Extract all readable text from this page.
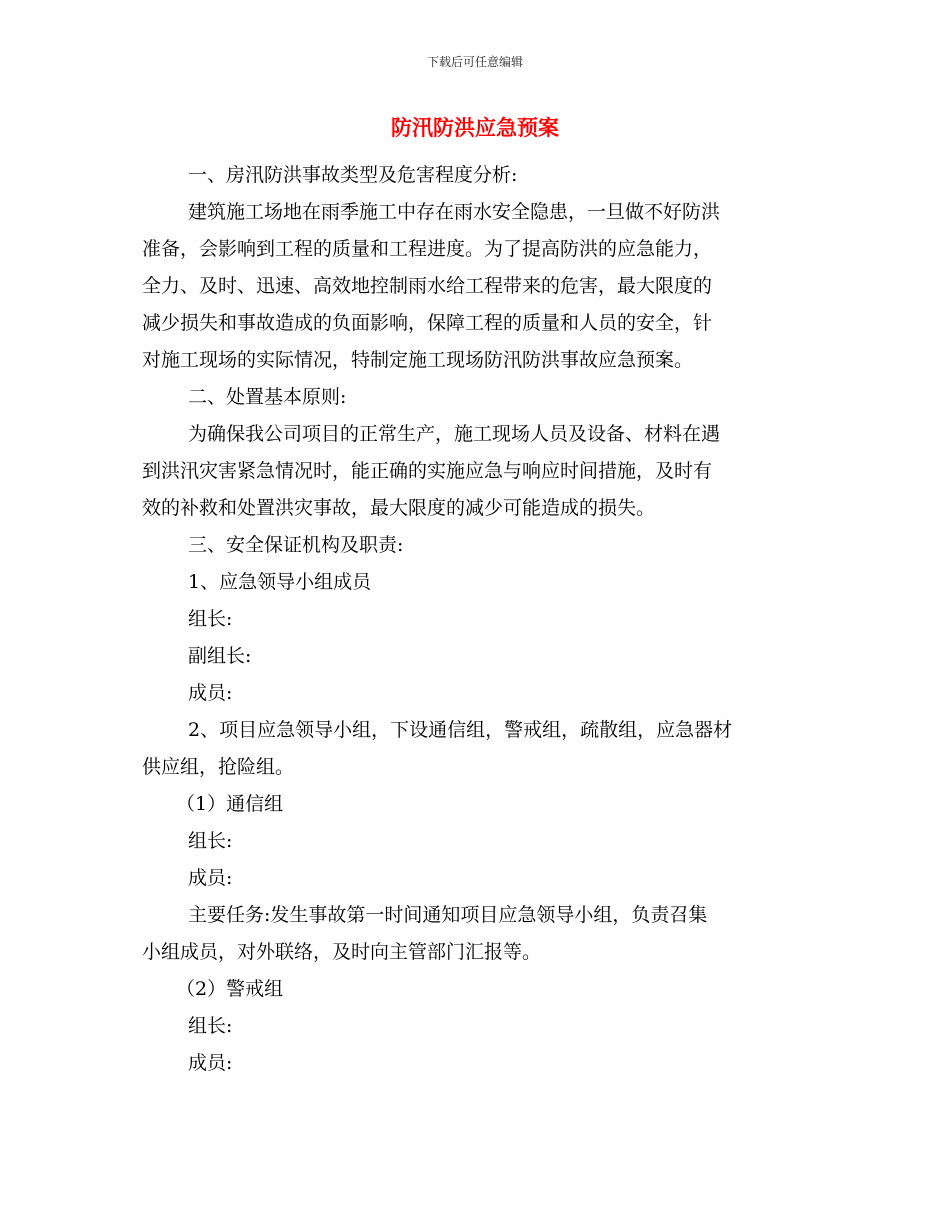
下载后可任意编辑
防汛防洪应急预案
一、房汛防洪事故类型及危害程度分析:
建筑施工场地在雨季施工中存在雨水安全隐患，一旦做不好防洪
准备，会影响到工程的质量和工程进度。为了提高防洪的应急能力，
全力、及时、迅速、高效地控制雨水给工程带来的危害，最大限度的
减少损失和事故造成的负面影响，保障工程的质量和人员的安全，针
对施工现场的实际情况，特制定施工现场防汛防洪事故应急预案。
二、处置基本原则:
为确保我公司项目的正常生产，施工现场人员及设备、材料在遇
到洪汛灾害紧急情况时，能正确的实施应急与响应时间措施，及时有
效的补救和处置洪灾事故，最大限度的减少可能造成的损失。
三、安全保证机构及职责:
1、应急领导小组成员
组长:
副组长:
成员:
2、项目应急领导小组，下设通信组，警戒组，疏散组，应急器材
供应组，抢险组。
（1）通信组
组长:
成员:
主要任务:发生事故第一时间通知项目应急领导小组，负责召集
小组成员，对外联络，及时向主管部门汇报等。
（2）警戒组
组长:
成员:
